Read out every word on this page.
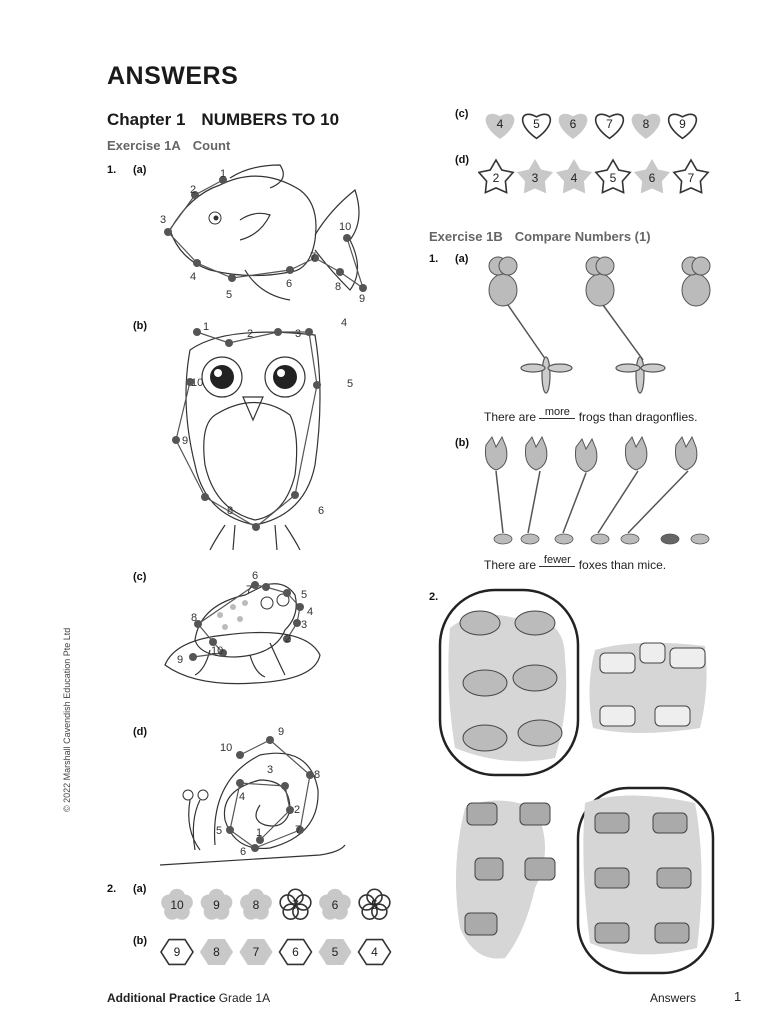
ANSWERS
Chapter 1 NUMBERS TO 10
Exercise 1A Count
1. (a)
(b)
(c)
(d)
2. (a)
(b)
1
2
3
4
5
6
7
8
9
10
1
2	3
4
5
6
8
9
10
2
3
4
5
6
7
8
9
10
1
2
3
4
5
6
7
8
9
10
10 9	8	7	6	5
9	8	7	6	5	4
(c)
(d)
4 5 6 7 8 9
2	3	4	5	6	7
Exercise 1B Compare Numbers (1)
1. (a)
There are more frogs than dragonflies.
(b)
There are fewer foxes than mice.
2.
© 2022 Marshall Cavendish Education Pte Ltd
Additional Practice Grade 1A	Answers	1
